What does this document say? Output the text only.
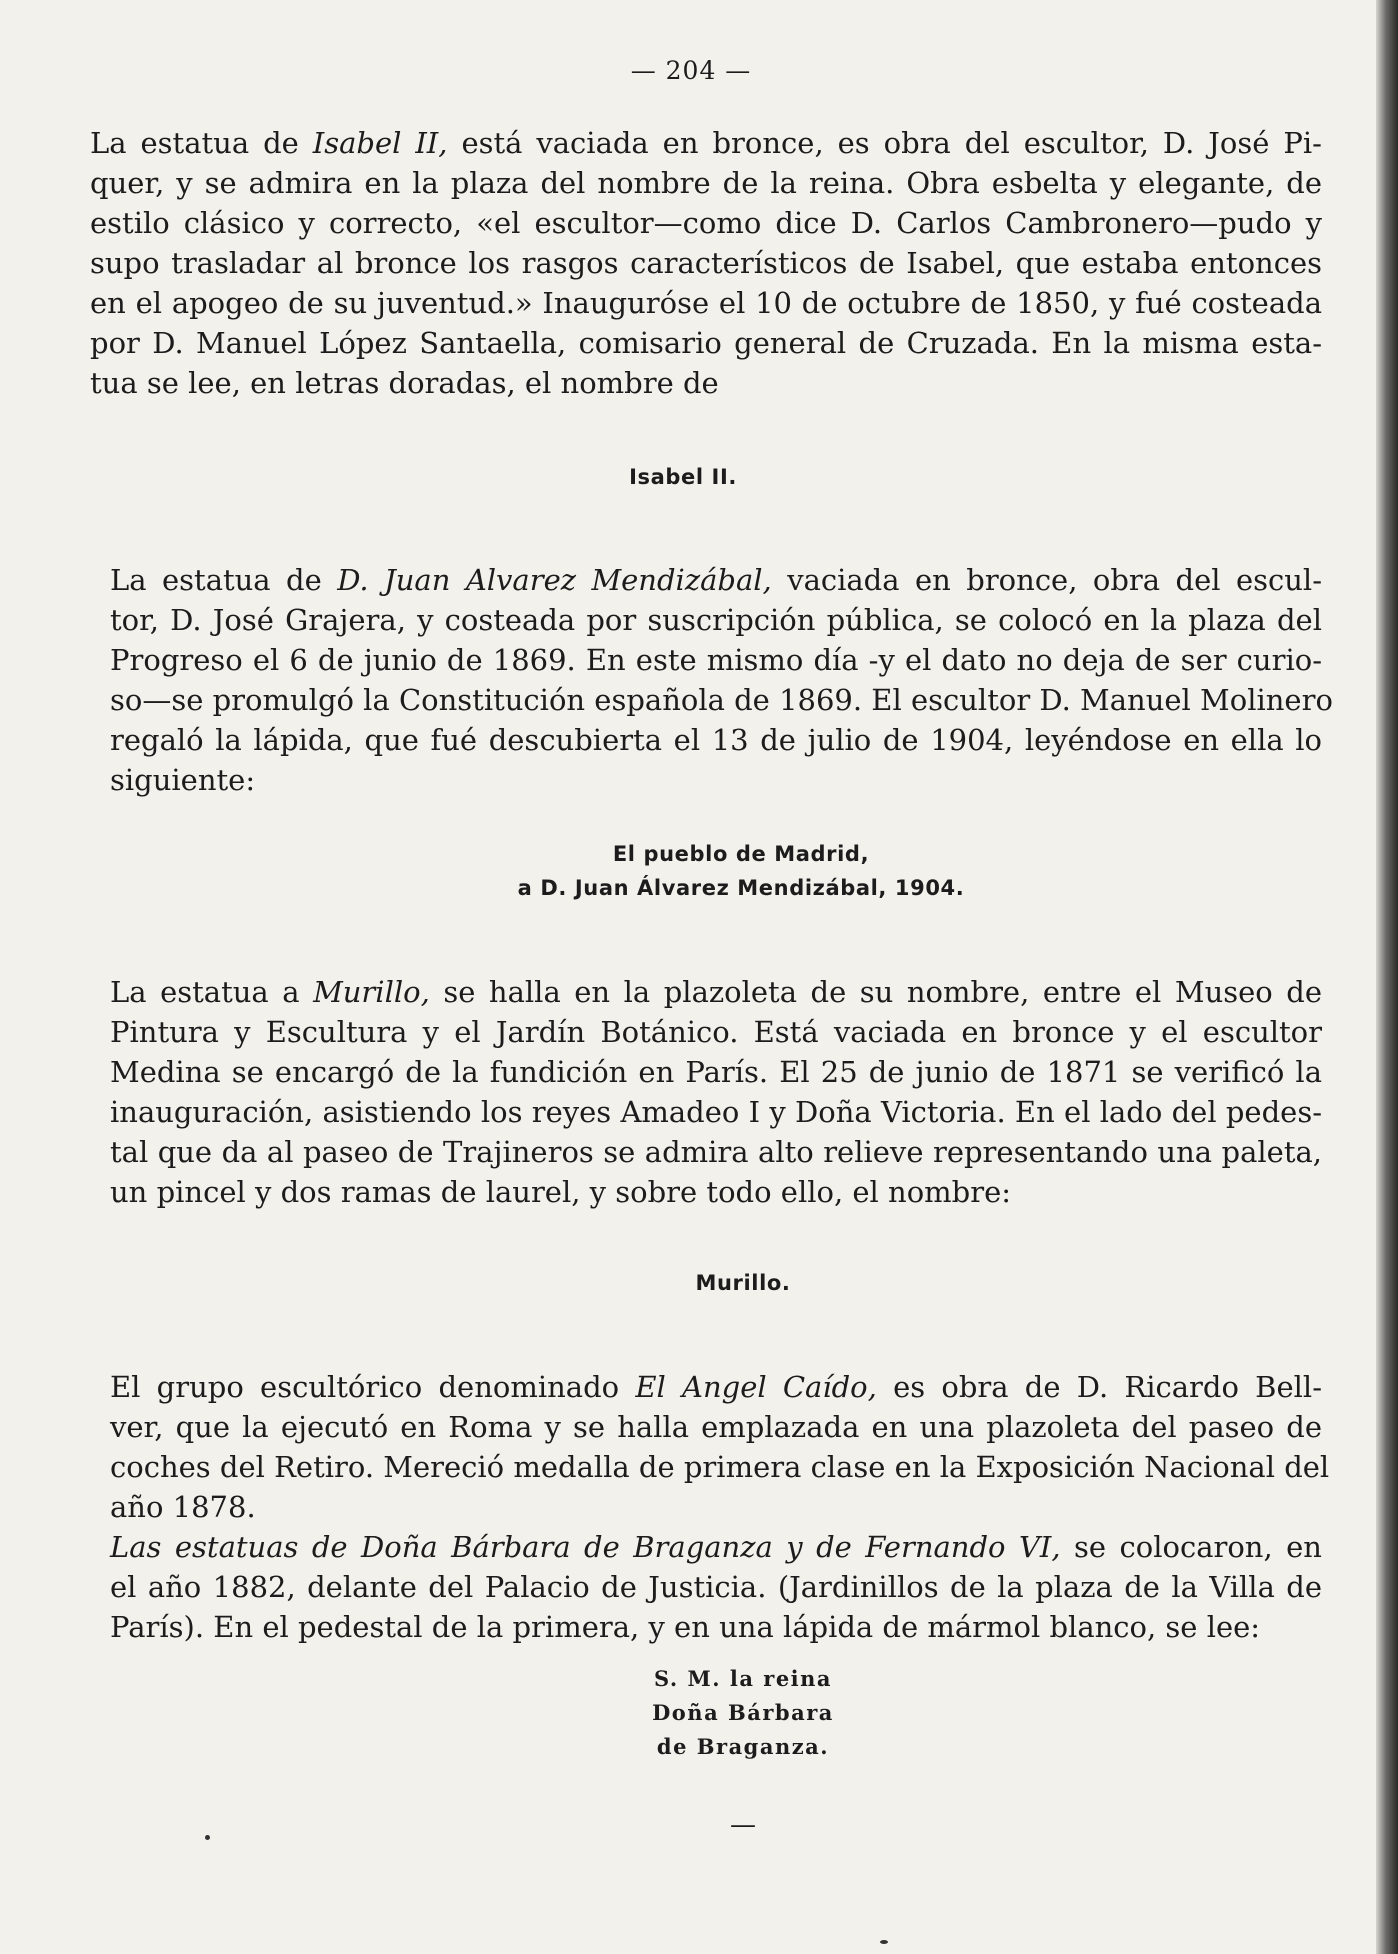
— 204 —

La estatua de Isabel II, está vaciada en bronce, es obra del escultor, D. José Pi-
quer, y se admira en la plaza del nombre de la reina. Obra esbelta y elegante, de
estilo clásico y correcto, «el escultor—como dice D. Carlos Cambronero—pudo y
supo trasladar al bronce los rasgos característicos de Isabel, que estaba entonces
en el apogeo de su juventud.» Inauguróse el 10 de octubre de 1850, y fué costeada
por D. Manuel López Santaella, comisario general de Cruzada. En la misma esta-
tua se lee, en letras doradas, el nombre de

Isabel II.

La estatua de D. Juan Alvarez Mendizábal, vaciada en bronce, obra del escul-
tor, D. José Grajera, y costeada por suscripción pública, se colocó en la plaza del
Progreso el 6 de junio de 1869. En este mismo día -y el dato no deja de ser curio-
so—se promulgó la Constitución española de 1869. El escultor D. Manuel Molinero
regaló la lápida, que fué descubierta el 13 de julio de 1904, leyéndose en ella lo
siguiente:

El pueblo de Madrid,
a D. Juan Álvarez Mendizábal, 1904.

La estatua a Murillo, se halla en la plazoleta de su nombre, entre el Museo de
Pintura y Escultura y el Jardín Botánico. Está vaciada en bronce y el escultor
Medina se encargó de la fundición en París. El 25 de junio de 1871 se verificó la
inauguración, asistiendo los reyes Amadeo I y Doña Victoria. En el lado del pedes-
tal que da al paseo de Trajineros se admira alto relieve representando una paleta,
un pincel y dos ramas de laurel, y sobre todo ello, el nombre:

Murillo.

El grupo escultórico denominado El Angel Caído, es obra de D. Ricardo Bell-
ver, que la ejecutó en Roma y se halla emplazada en una plazoleta del paseo de
coches del Retiro. Mereció medalla de primera clase en la Exposición Nacional del
año 1878.

Las estatuas de Doña Bárbara de Braganza y de Fernando VI, se colocaron, en
el año 1882, delante del Palacio de Justicia. (Jardinillos de la plaza de la Villa de
París). En el pedestal de la primera, y en una lápida de mármol blanco, se lee:

S. M. la reina
Doña Bárbara
de Braganza.
—
